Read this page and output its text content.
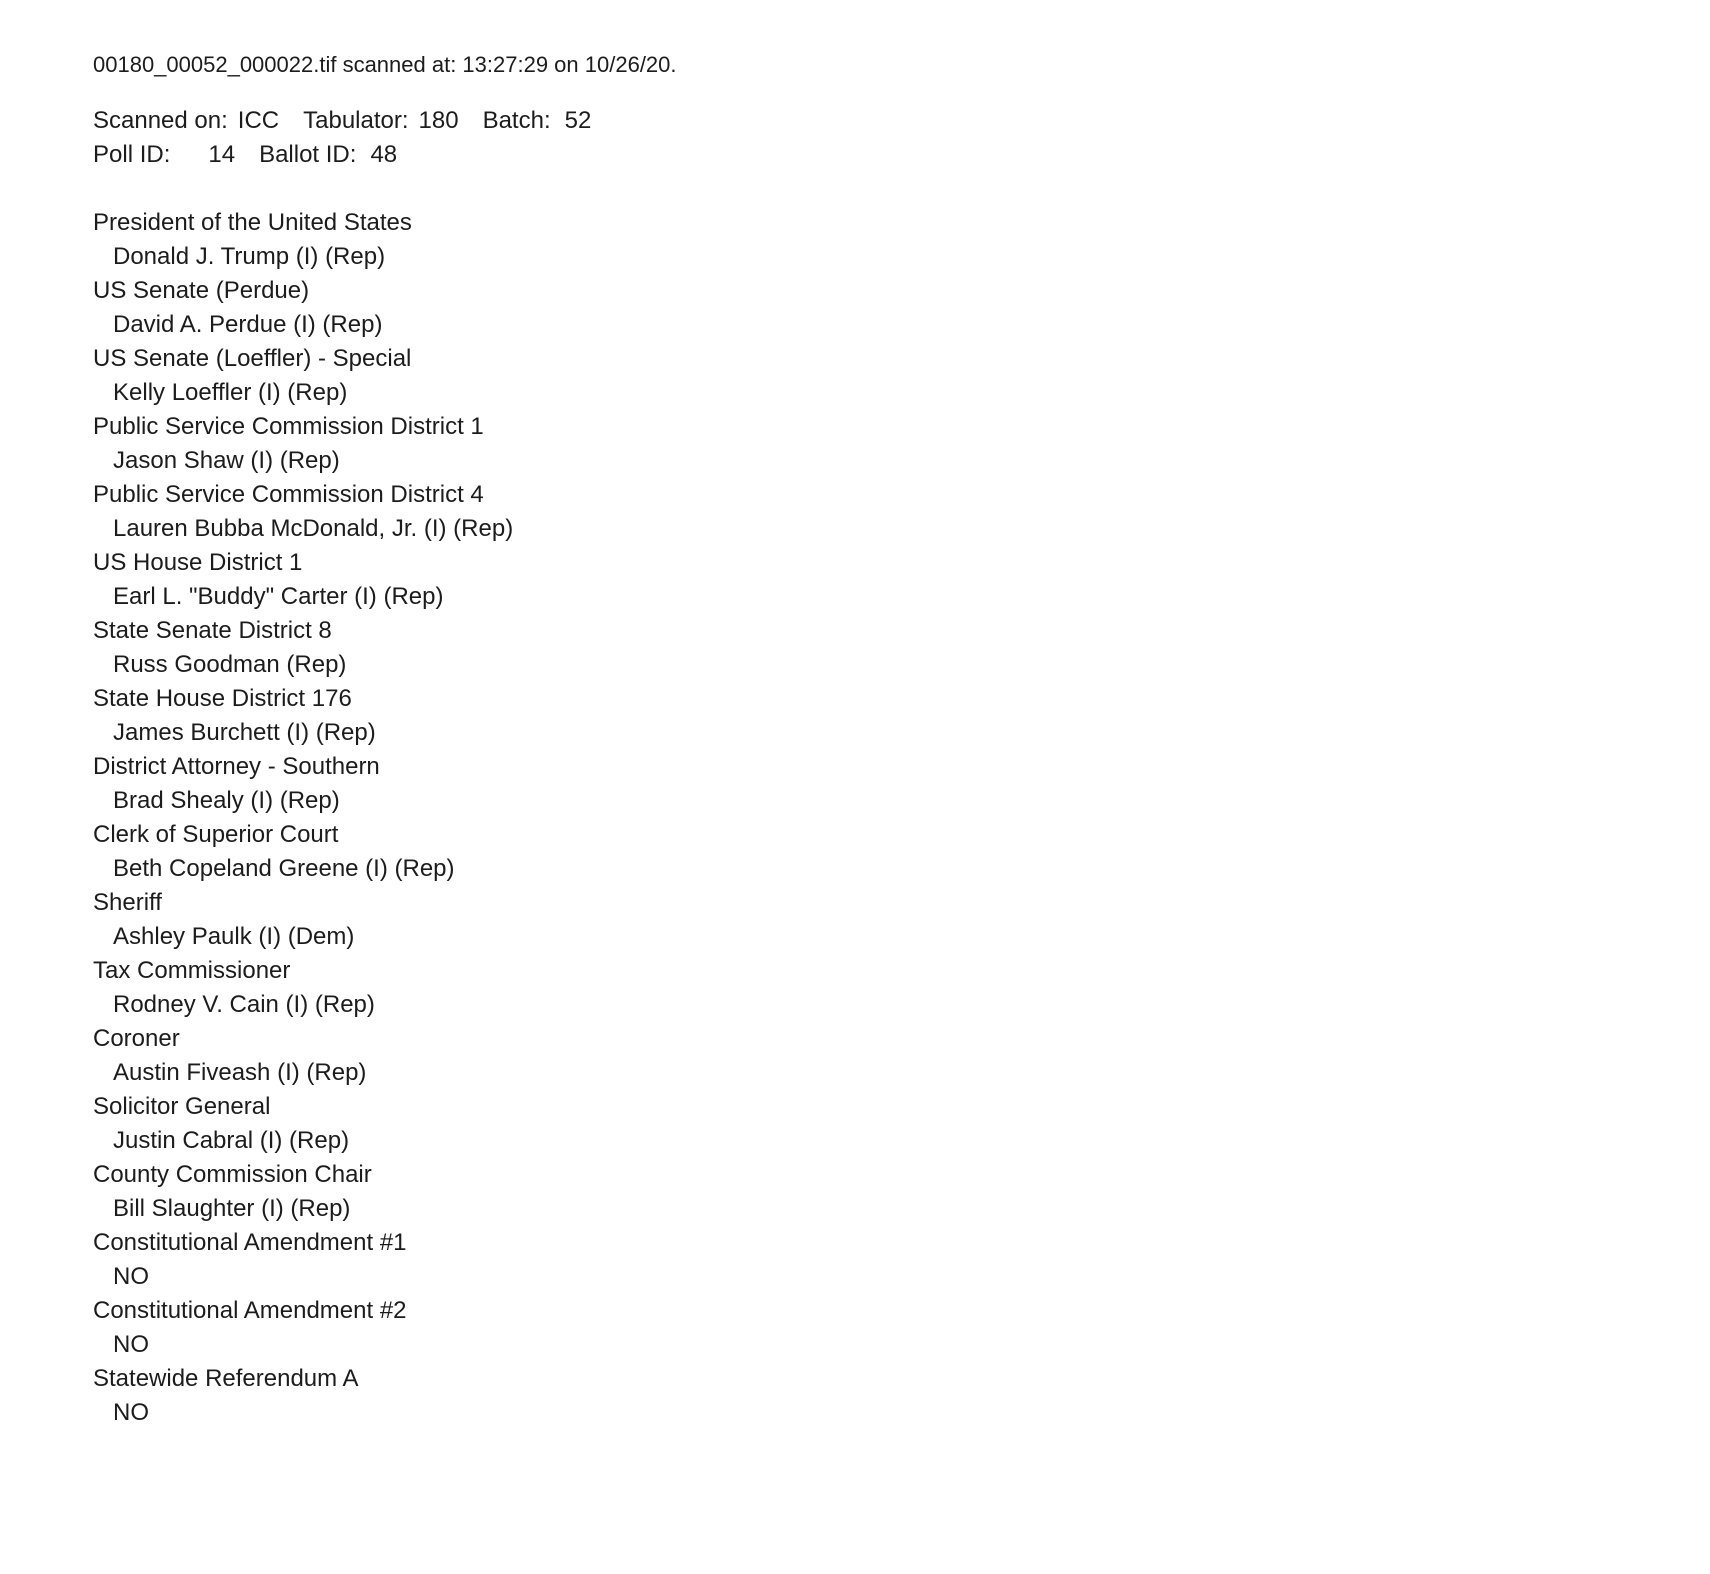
00180_00052_000022.tif scanned at: 13:27:29 on 10/26/20.
Scanned on: ICC Tabulator: 180 Batch: 52
Poll ID: 14 Ballot ID: 48
President of the United States
Donald J. Trump (I) (Rep)
US Senate (Perdue)
David A. Perdue (I) (Rep)
US Senate (Loeffler) - Special
Kelly Loeffler (I) (Rep)
Public Service Commission District 1
Jason Shaw (I) (Rep)
Public Service Commission District 4
Lauren Bubba McDonald, Jr. (I) (Rep)
US House District 1
Earl L. "Buddy" Carter (I) (Rep)
State Senate District 8
Russ Goodman (Rep)
State House District 176
James Burchett (I) (Rep)
District Attorney - Southern
Brad Shealy (I) (Rep)
Clerk of Superior Court
Beth Copeland Greene (I) (Rep)
Sheriff
Ashley Paulk (I) (Dem)
Tax Commissioner
Rodney V. Cain (I) (Rep)
Coroner
Austin Fiveash (I) (Rep)
Solicitor General
Justin Cabral (I) (Rep)
County Commission Chair
Bill Slaughter (I) (Rep)
Constitutional Amendment #1
NO
Constitutional Amendment #2
NO
Statewide Referendum A
NO
